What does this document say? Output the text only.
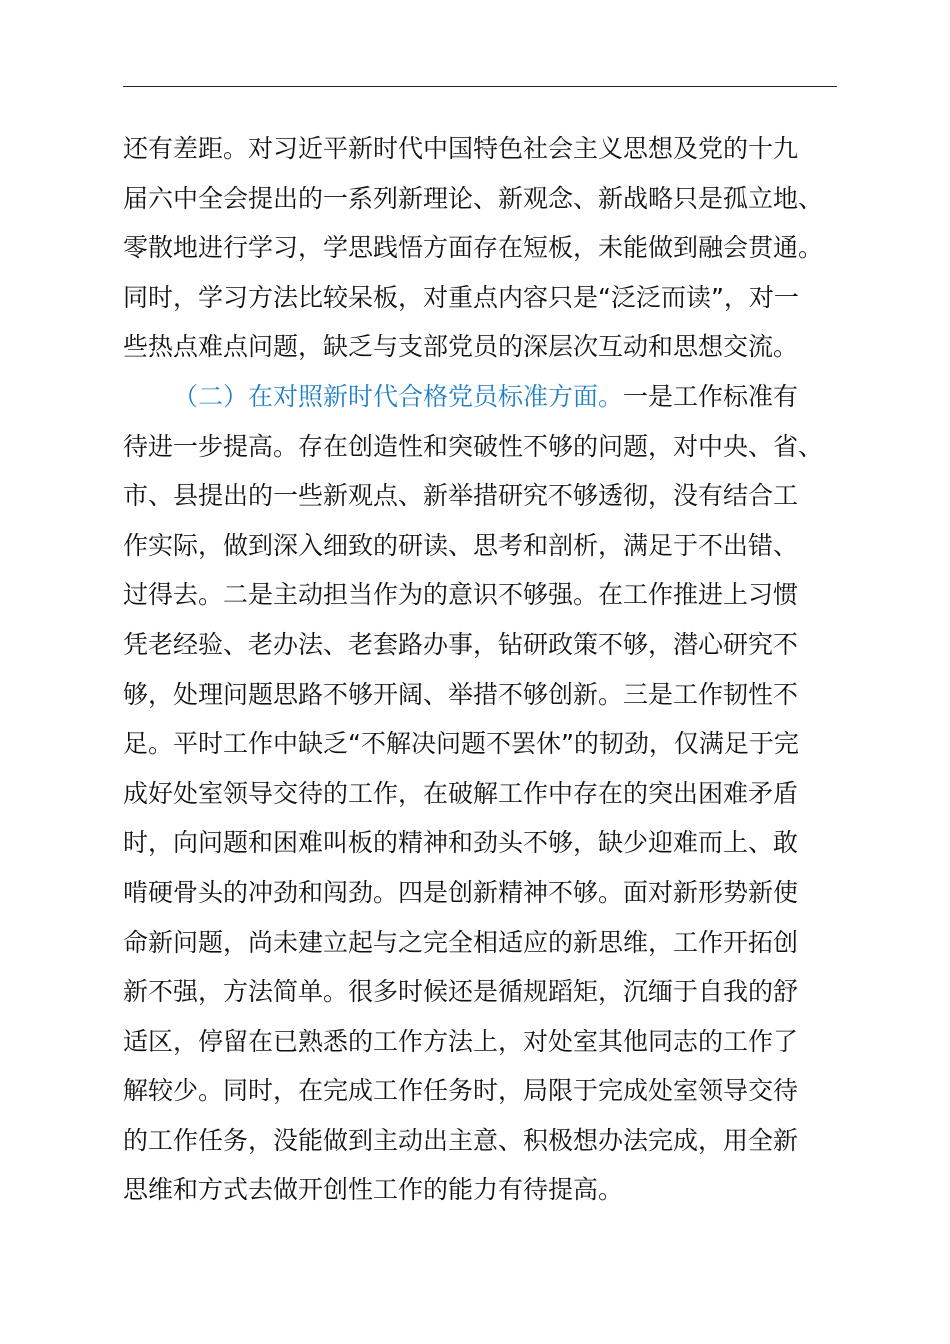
还有差距。对习近平新时代中国特色社会主义思想及党的十九
届六中全会提出的一系列新理论、新观念、新战略只是孤立地、
零散地进行学习，学思践悟方面存在短板，未能做到融会贯通。
同时，学习方法比较呆板，对重点内容只是“泛泛而读”，对一
些热点难点问题，缺乏与支部党员的深层次互动和思想交流。
（二）在对照新时代合格党员标准方面。一是工作标准有
待进一步提高。存在创造性和突破性不够的问题，对中央、省、
市、县提出的一些新观点、新举措研究不够透彻，没有结合工
作实际，做到深入细致的研读、思考和剖析，满足于不出错、
过得去。二是主动担当作为的意识不够强。在工作推进上习惯
凭老经验、老办法、老套路办事，钻研政策不够，潜心研究不
够，处理问题思路不够开阔、举措不够创新。三是工作韧性不
足。平时工作中缺乏“不解决问题不罢休”的韧劲，仅满足于完
成好处室领导交待的工作，在破解工作中存在的突出困难矛盾
时，向问题和困难叫板的精神和劲头不够，缺少迎难而上、敢
啃硬骨头的冲劲和闯劲。四是创新精神不够。面对新形势新使
命新问题，尚未建立起与之完全相适应的新思维，工作开拓创
新不强，方法简单。很多时候还是循规蹈矩，沉缅于自我的舒
适区，停留在已熟悉的工作方法上，对处室其他同志的工作了
解较少。同时，在完成工作任务时，局限于完成处室领导交待
的工作任务，没能做到主动出主意、积极想办法完成，用全新
思维和方式去做开创性工作的能力有待提高。
